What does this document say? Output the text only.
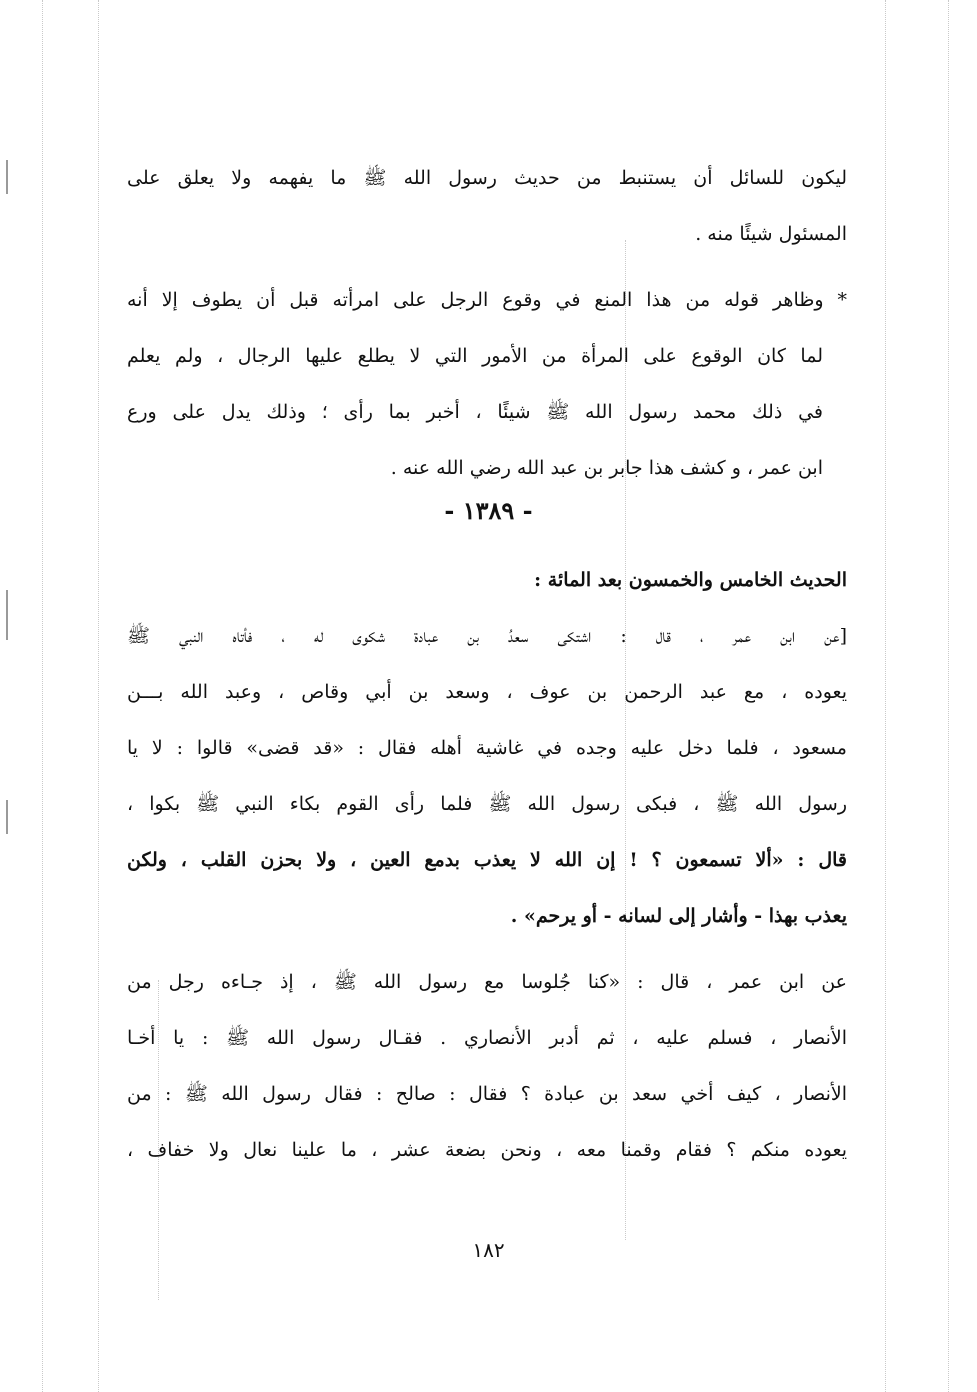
ليكون للسائل أن يستنبط من حديث رسول الله ﷺ ما يفهمه ولا يعلق على
المسئول شيئًا منه .
* وظاهر قوله من هذا المنع في وقوع الرجل على امرأته قبل أن يطوف إلا أنه
لما كان الوقوع على المرأة من الأمور التي لا يطلع عليها الرجال ، ولم يعلم
في ذلك محمد رسول الله ﷺ شيئًا ، أخبر بما رأى ؛ وذلك يدل على ورع
ابن عمر ، و كشف هذا جابر بن عبد الله رضي الله عنه .
- ١٣٨٩ -
الحديث الخامس والخمسون بعد المائة :
[عن ابن عمر ، قال : اشتكى سعدُ بن عبادة شكوى له ، فأتاه النبي ﷺ
يعوده ، مع عبد الرحمن بن عوف ، وسعد بن أبي وقاص ، وعبد الله بـــن
مسعود ، فلما دخل عليه وجده في غاشية أهله فقال : «قد قضى» قالوا : لا يا
رسول الله ﷺ ، فبكى رسول الله ﷺ فلما رأى القوم بكاء النبي ﷺ بكوا ،
قال : «ألا تسمعون ؟ ! إن الله لا يعذب بدمع العين ، ولا بحزن القلب ، ولكن
يعذب بهذا - وأشار إلى لسانه - أو يرحم» .
عن ابن عمر ، قال : «كنا جُلوسا مع رسول الله ﷺ ، إذ جـاءه رجل من
الأنصار ، فسلم عليه ، ثم أدبر الأنصاري . فقـال رسول الله ﷺ : يا أخـا
الأنصار ، كيف أخي سعد بن عبادة ؟ فقال : صالح : فقال رسول الله ﷺ : من
يعوده منكم ؟ فقام وقمنا معه ، ونحن بضعة عشر ، ما علينا نعال ولا خفاف ،
١٨٢
